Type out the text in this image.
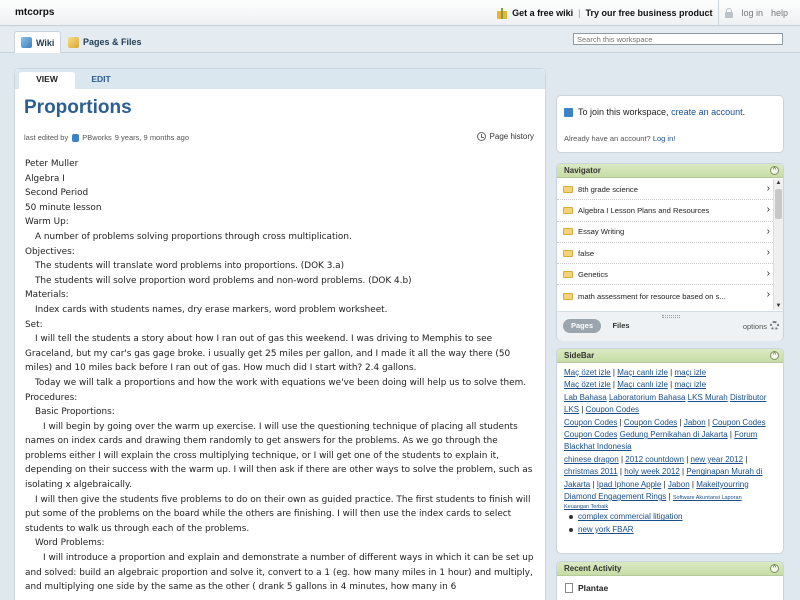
mtcorps	Get a free wiki | Try our free business product	log in help
Wiki	Pages & Files
Search this workspace
VIEW	EDIT
Proportions
last edited by PBworks 9 years, 9 months ago	Page history

Peter Muller

Algebra I

Second Period

50 minute lesson

Warm Up:

A number of problems solving proportions through cross multiplication.

Objectives:

The students will translate word problems into proportions. (DOK 3.a)

The students will solve proportion word problems and non-word problems. (DOK 4.b)

Materials:

Index cards with students names, dry erase markers, word problem worksheet.

Set:

I will tell the students a story about how I ran out of gas this weekend. I was driving to Memphis to see Graceland, but my car's gas gage broke. i usually get 25 miles per gallon, and I made it all the way there (50 miles) and 10 miles back before I ran out of gas. How much did I start with? 2.4 gallons.

Today we will talk a proportions and how the work with equations we've been doing will help us to solve them.

Procedures:

Basic Proportions:

I will begin by going over the warm up exercise. I will use the questioning technique of placing all students names on index cards and drawing them randomly to get answers for the problems. As we go through the problems either I will explain the cross multiplying technique, or I will get one of the students to explain it, depending on their success with the warm up. I will then ask if there are other ways to solve the problem, such as isolating x algebraically.

I will then give the students five problems to do on their own as guided practice. The first students to finish will put some of the problems on the board while the others are finishing. I will then use the index cards to select students to walk us through each of the problems.

Word Problems:

I will introduce a proportion and explain and demonstrate a number of different ways in which it can be set up and solved: build an algebraic proportion and solve it, convert to a 1 (eg. how many miles in 1 hour) and multiply, and multiplying one side by the same as the other ( drank 5 gallons in 4 minutes, how many in 6

To join this workspace,
create an account .
Already have an account? Log in!
Navigator	^
8th grade science	›
Algebra I Lesson Plans and Resources	›
Essay Writing	›
false	›
Genetics	›
math assessment for resource based on s...	›
▲
▼
Pages	Files	options
SideBar	^
Maç özet izle | Maçı canlı izle | maçı izle
Maç özet izle | Maçı canlı izle | maçı izle
Lab Bahasa Laboratorium Bahasa LKS Murah Distributor
LKS | Coupon Codes
Coupon Codes | Coupon Codes | Jabon | Coupon Codes
Coupon Codes Gedung Pernikahan di Jakarta | Forum
Blackhat Indonesia
chinese dragon | 2012 countdown | new year 2012 |
christmas 2011 | holy week 2012 | Penginapan Murah di
Jakarta | Ipad Iphone Apple | Jabon | Makeityourring
Diamond Engagement Rings | Software Akuntansi Laporan
Keuangan Terbaik
complex commercial litigation
new york FBAR
Recent Activity	^
Plantae
